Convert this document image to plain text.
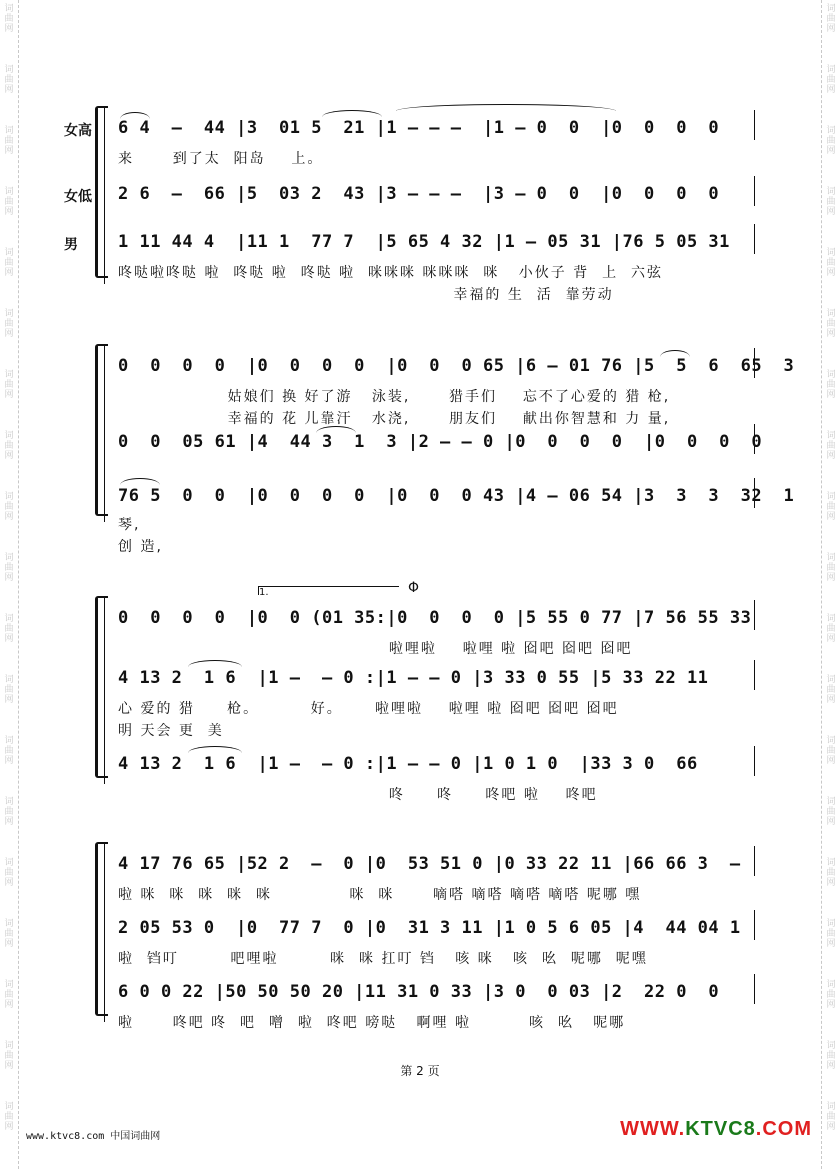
词
曲
网
词
曲
网
词
曲
网
词
曲
网
词
曲
网
词
曲
网
词
曲
网
词
曲
网
词
曲
网
词
曲
网
词
曲
网
词
曲
网
词
曲
网
词
曲
网
词
曲
网
词
曲
网
词
曲
网
词
曲
网
词
曲
网
词
曲
网
词
曲
网
词
曲
网
词
曲
网
词
曲
网
词
曲
网
词
曲
网
词
曲
网
词
曲
网
词
曲
网
词
曲
网
词
曲
网
词
曲
网
词
曲
网
词
曲
网
词
曲
网
词
曲
网
词
曲
网
词
曲
网
女高 6 4  –  44 |3  01 5  21 |1 – – –  |1 – 0  0  |0  0  0  0
来      到了太  阳岛    上。
女低 2 6  –  66 |5  03 2  43 |3 – – –  |3 – 0  0  |0  0  0  0
男 1 11 44 4  |11 1  77 7  |5 65 4 32 |1 – 05 31 |76 5 05 31
咚哒啦咚哒 啦  咚哒 啦  咚哒 啦  咪咪咪 咪咪咪  咪   小伙子 背  上  六弦
幸福的 生  活  靠劳动
0  0  0  0  |0  0  0  0  |0  0  0 65 |6 – 01 76 |5  5  6  65  3
姑娘们 换 好了游   泳装,      猎手们    忘不了心爱的 猎 枪,
幸福的 花 儿靠汗   水浇,      朋友们    献出你智慧和 力 量,
0  0  05 61 |4  44 3  1  3 |2 – – 0 |0  0  0  0  |0  0  0  0
76 5  0  0  |0  0  0  0  |0  0  0 43 |4 – 06 54 |3  3  3  32  1
琴,
创 造,
1.	Φ
0  0  0  0  |0  0 (01 35:|0  0  0  0 |5 55 0 77 |7 56 55 33
啦哩啦    啦哩 啦 囵吧 囵吧 囵吧
4 13 2  1 6  |1 –  – 0 :|1 – – 0 |3 33 0 55 |5 33 22 11
心 爱的 猎     枪。        好。     啦哩啦    啦哩 啦 囵吧 囵吧 囵吧
明 天会 更  美
4 13 2  1 6  |1 –  – 0 :|1 – – 0 |1 0 1 0  |33 3 0  66
咚     咚     咚吧 啦    咚吧
4 17 76 65 |52 2  –  0 |0  53 51 0 |0 33 22 11 |66 66 3  –
啦 咪  咪  咪  咪  咪            咪  咪      嘀嗒 嘀嗒 嘀嗒 嘀嗒 呢哪 嘿
2 05 53 0  |0  77 7  0 |0  31 3 11 |1 0 5 6 05 |4  44 04 1
啦  铛叮        吧哩啦        咪  咪 扛叮 铛   咳 咪   咳  吆  呢哪  呢嘿
6 0 0 22 |50 50 50 20 |11 31 0 33 |3 0  0 03 |2  22 0  0
啦      咚吧 咚  吧  噌  啦  咚吧 嗙哒   啊哩 啦         咳  吆   呢哪
第 2 页
www.ktvc8.com 中国词曲网	WWW.KTVC8.COM
